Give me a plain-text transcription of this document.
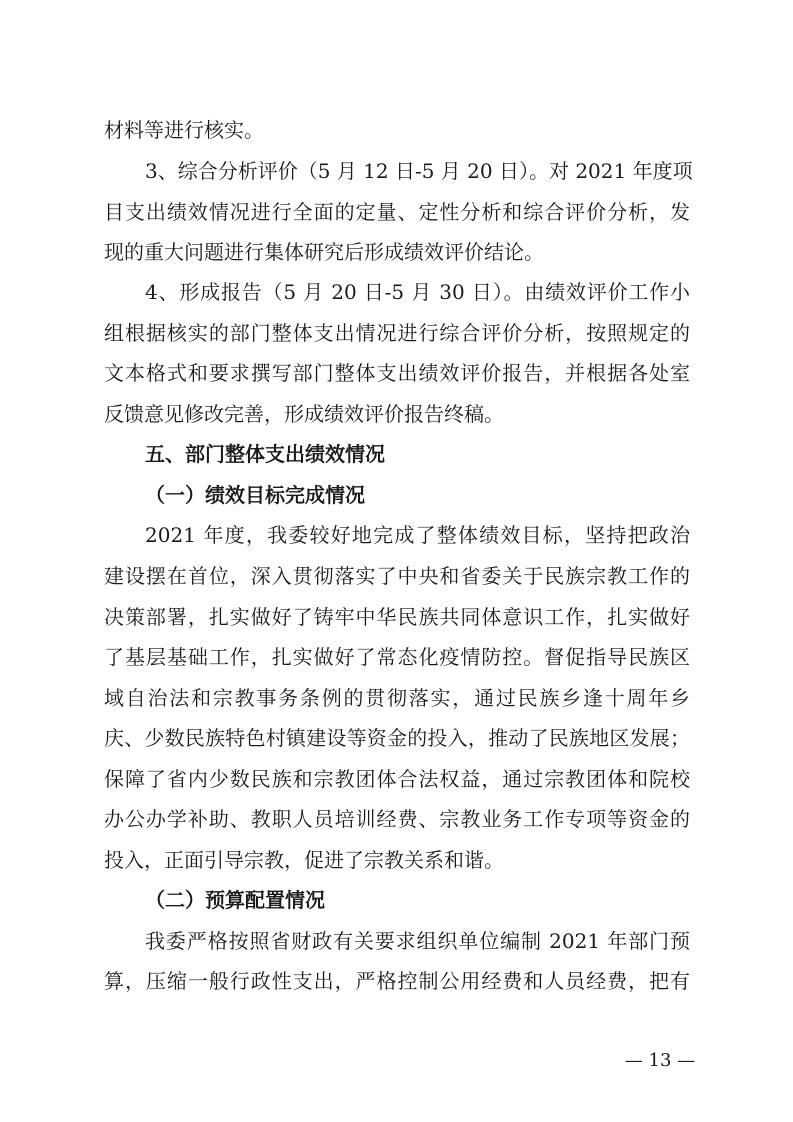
材料等进行核实。
3、综合分析评价（5 月 12 日-5 月 20 日）。对 2021 年度项
目支出绩效情况进行全面的定量、定性分析和综合评价分析，发
现的重大问题进行集体研究后形成绩效评价结论。
4、形成报告（5 月 20 日-5 月 30 日）。由绩效评价工作小
组根据核实的部门整体支出情况进行综合评价分析，按照规定的
文本格式和要求撰写部门整体支出绩效评价报告，并根据各处室
反馈意见修改完善，形成绩效评价报告终稿。
五、部门整体支出绩效情况
（一）绩效目标完成情况
2021 年度，我委较好地完成了整体绩效目标，坚持把政治
建设摆在首位，深入贯彻落实了中央和省委关于民族宗教工作的
决策部署，扎实做好了铸牢中华民族共同体意识工作，扎实做好
了基层基础工作，扎实做好了常态化疫情防控。督促指导民族区
域自治法和宗教事务条例的贯彻落实，通过民族乡逢十周年乡
庆、少数民族特色村镇建设等资金的投入，推动了民族地区发展；
保障了省内少数民族和宗教团体合法权益，通过宗教团体和院校
办公办学补助、教职人员培训经费、宗教业务工作专项等资金的
投入，正面引导宗教，促进了宗教关系和谐。
（二）预算配置情况
我委严格按照省财政有关要求组织单位编制 2021 年部门预
算，压缩一般行政性支出，严格控制公用经费和人员经费，把有
— 13 —
